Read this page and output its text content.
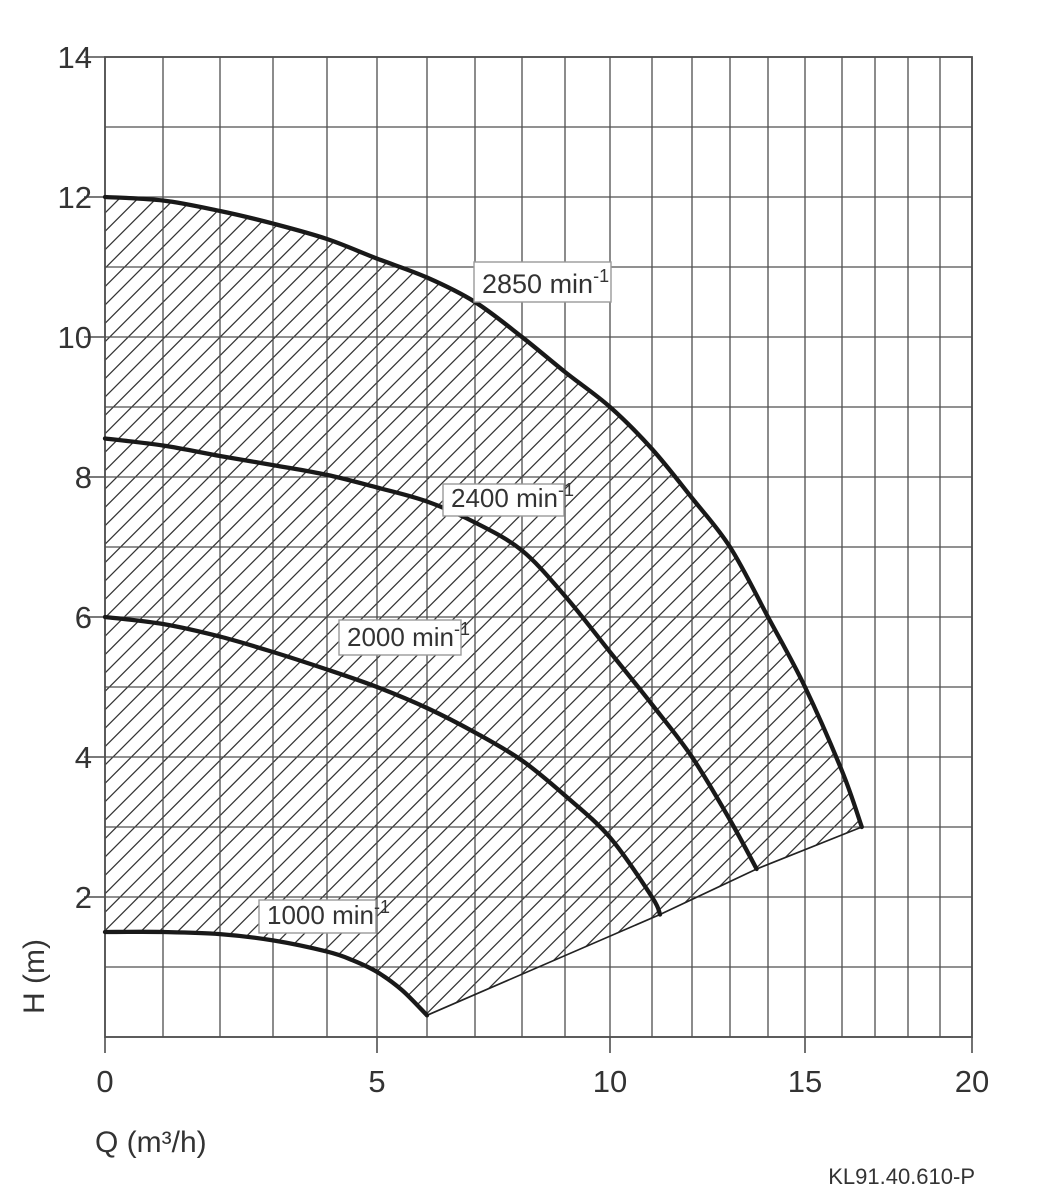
2850 $\min^{-1}$
2400 $\min^{-1}$
2000 $\min^{-1}$
1000 $\min^{-1}$
0	5	10	15	20
2
4
6
8
10
12
14
H (m)
Q (m³/h)
KL91.40.610-P
